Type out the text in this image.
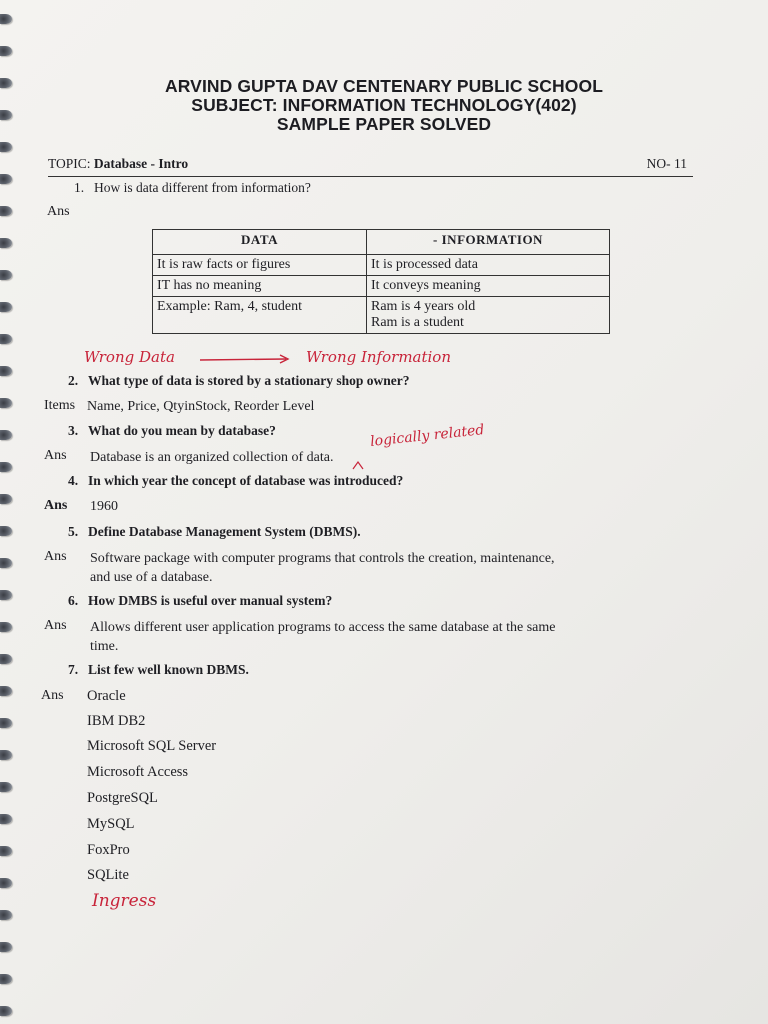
ARVIND GUPTA DAV CENTENARY PUBLIC SCHOOL
SUBJECT: INFORMATION TECHNOLOGY(402)
SAMPLE PAPER SOLVED
TOPIC: Database - Intro	NO- 11
1. How is data different from information?
Ans
DATA	- INFORMATION
It is raw facts or figures	It is processed data
IT has no meaning	It conveys meaning
Example: Ram, 4, student	Ram is 4 years old
Ram is a student
Wrong Data	Wrong Information
2. What type of data is stored by a stationary shop owner?
Items Name, Price, QtyinStock, Reorder Level
3. What do you mean by database?	logically related
Ans Database is an organized collection of data.
4. In which year the concept of database was introduced?
Ans 1960
5. Define Database Management System (DBMS).
Ans Software package with computer programs that controls the creation, maintenance,
and use of a database.
6. How DMBS is useful over manual system?
Ans Allows different user application programs to access the same database at the same
time.
7. List few well known DBMS.
Ans Oracle
IBM DB2
Microsoft SQL Server
Microsoft Access
PostgreSQL
MySQL
FoxPro
SQLite
Ingress
